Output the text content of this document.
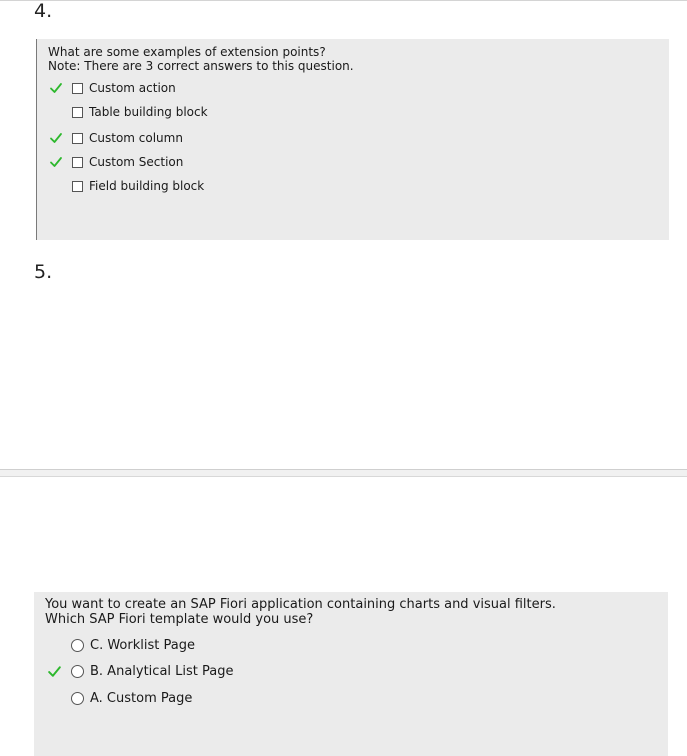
4.
What are some examples of extension points?
Note: There are 3 correct answers to this question.
Custom action
Table building block
Custom column
Custom Section
Field building block
5.
You want to create an SAP Fiori application containing charts and visual filters.
Which SAP Fiori template would you use?
C. Worklist Page
B. Analytical List Page
A. Custom Page
